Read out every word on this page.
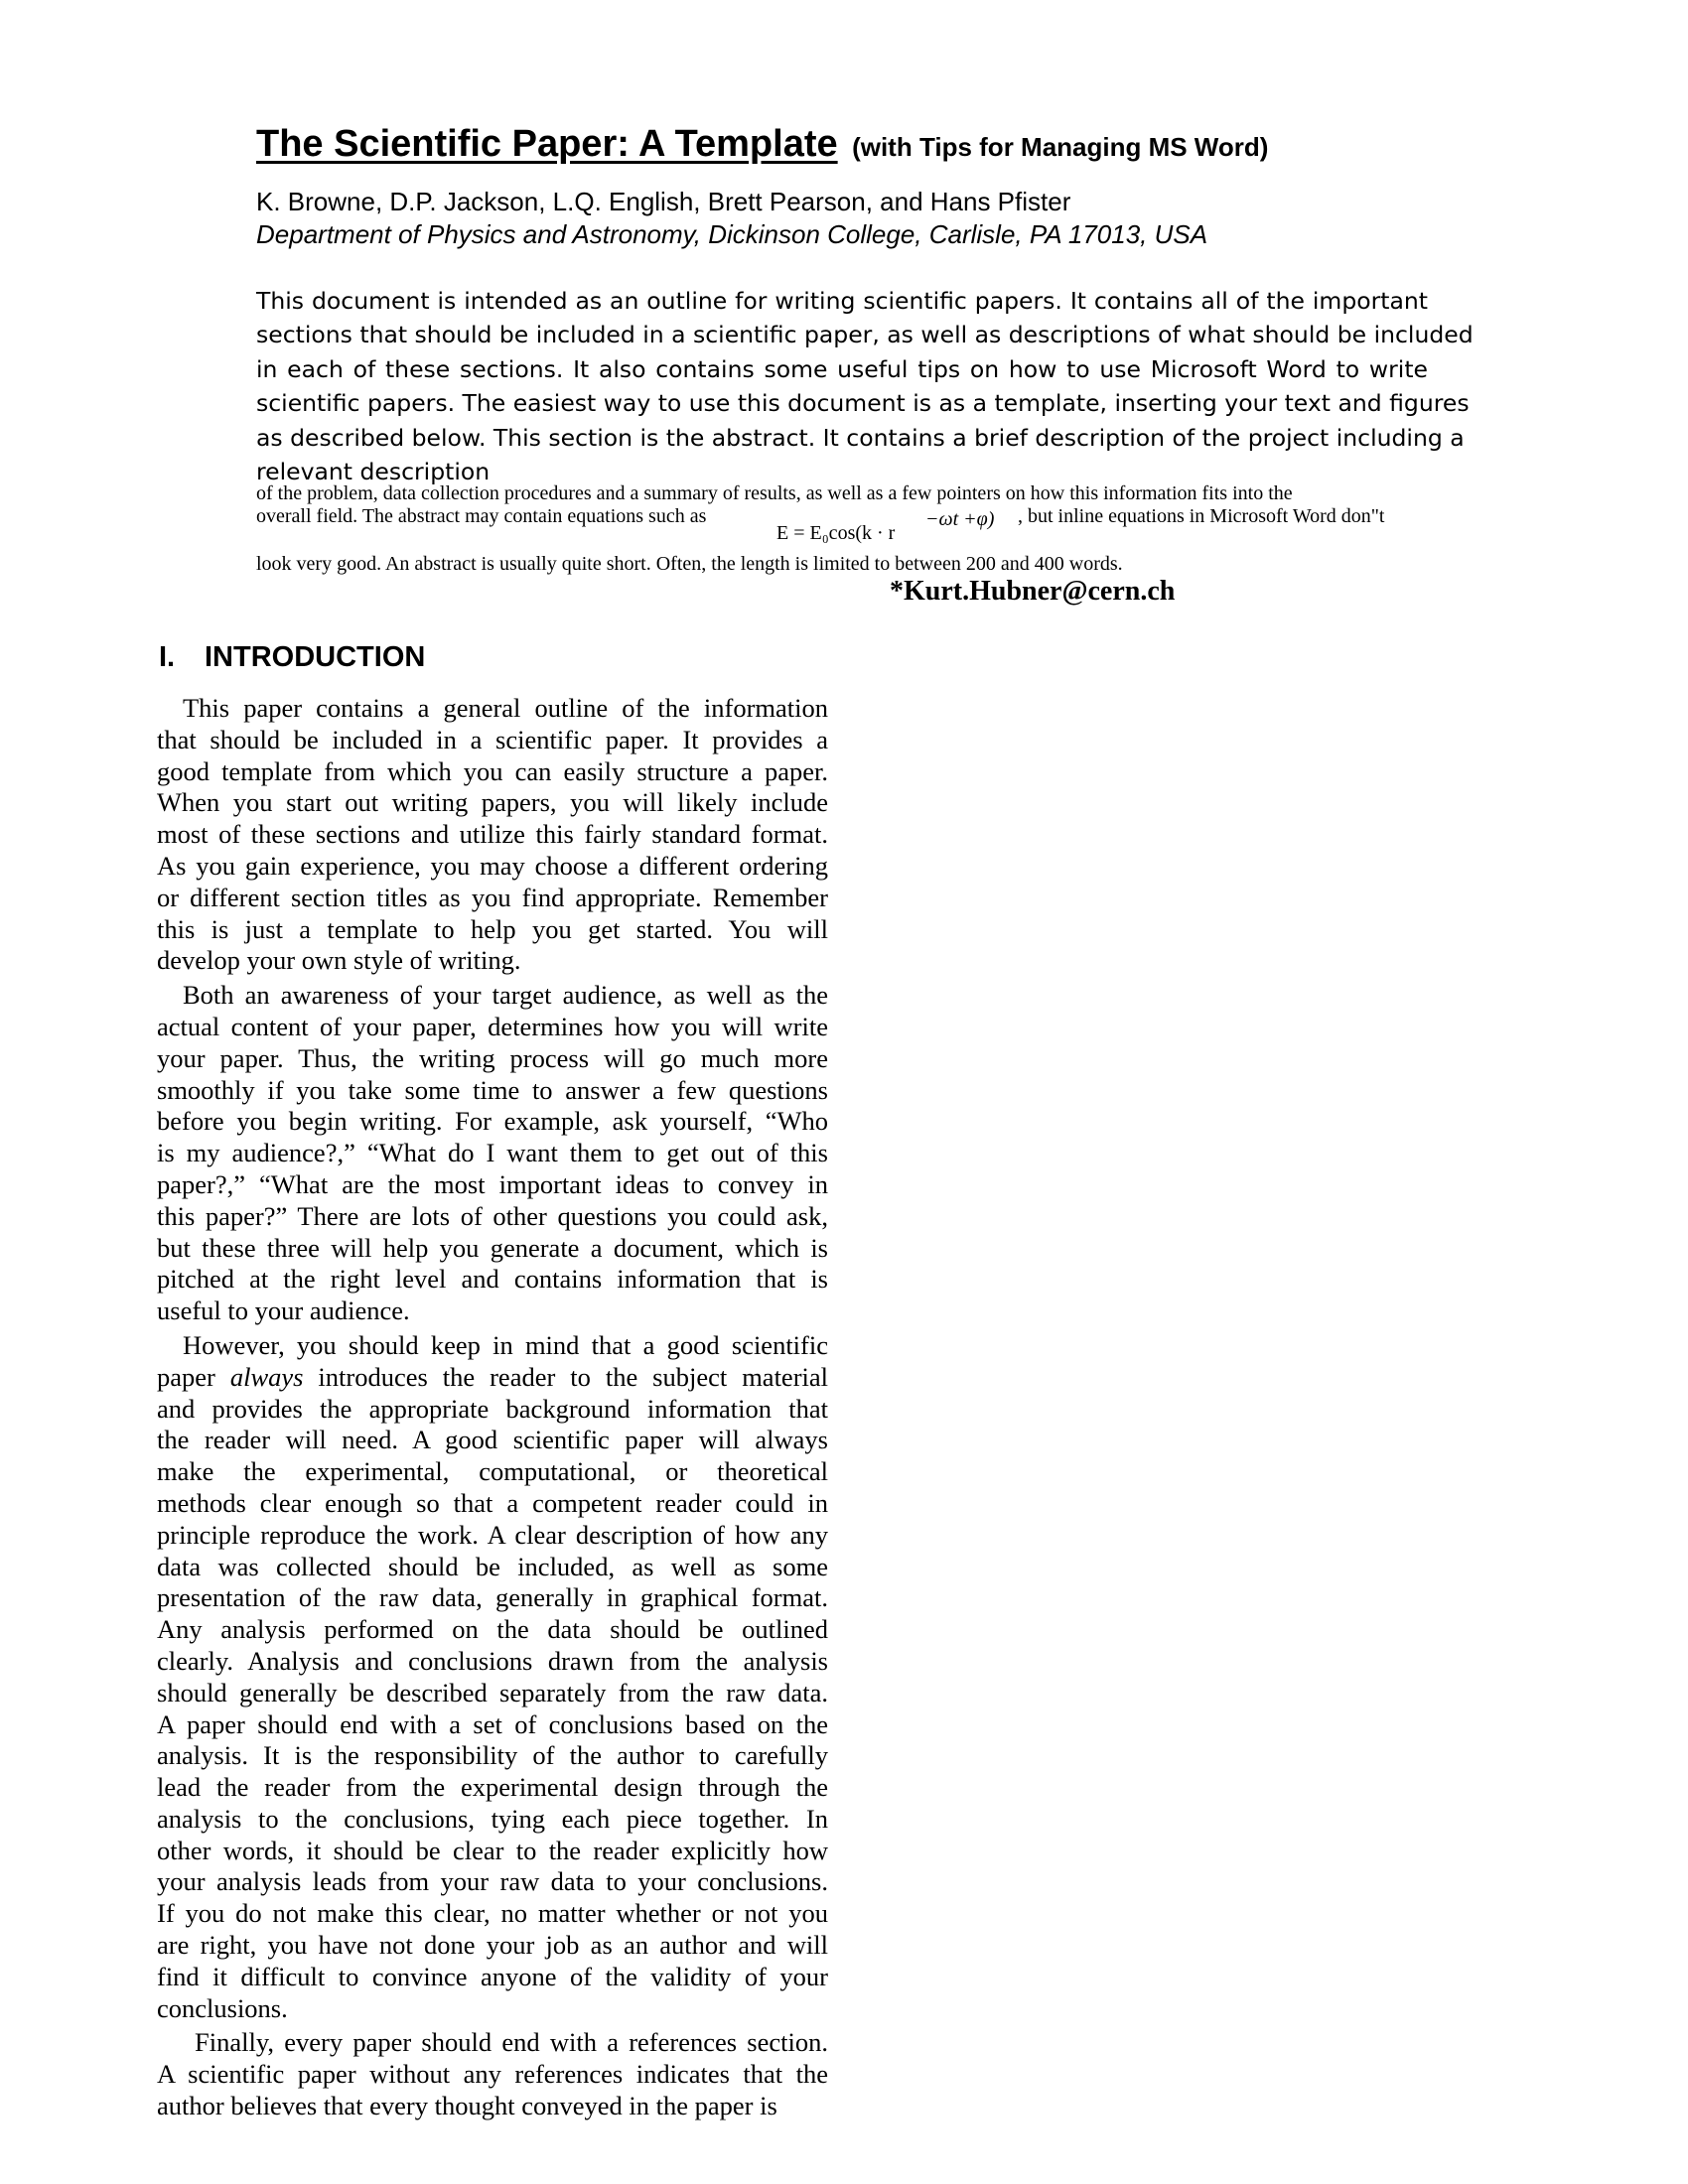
The Scientific Paper: A Template (with Tips for Managing MS Word)
K. Browne, D.P. Jackson, L.Q. English, Brett Pearson, and Hans Pfister
Department of Physics and Astronomy, Dickinson College, Carlisle, PA 17013, USA
This document is intended as an outline for writing scientific papers. It contains all of the important
sections that should be included in a scientific paper, as well as descriptions of what should be included
in each of these sections. It also contains some useful tips on how to use Microsoft Word to write
scientific papers. The easiest way to use this document is as a template, inserting your text and figures
as described below. This section is the abstract. It contains a brief description of the project including a
relevant description
of the problem, data collection procedures and a summary of results, as well as a few pointers on how this information fits into the
overall field. The abstract may contain equations such as
E = E₀cos(k · r
−ωt +φ) , but inline equations in Microsoft Word don"t
look very good. An abstract is usually quite short. Often, the length is limited to between 200 and 400 words.
*Kurt.Hubner@cern.ch
I. INTRODUCTION
This paper contains a general outline of the information
that should be included in a scientific paper. It provides a
good template from which you can easily structure a paper.
When you start out writing papers, you will likely include
most of these sections and utilize this fairly standard format.
As you gain experience, you may choose a different ordering
or different section titles as you find appropriate. Remember
this is just a template to help you get started. You will
develop your own style of writing.
Both an awareness of your target audience, as well as the
actual content of your paper, determines how you will write
your paper. Thus, the writing process will go much more
smoothly if you take some time to answer a few questions
before you begin writing. For example, ask yourself, “Who
is my audience?,” “What do I want them to get out of this
paper?,” “What are the most important ideas to convey in
this paper?” There are lots of other questions you could ask,
but these three will help you generate a document, which is
pitched at the right level and contains information that is
useful to your audience.
However, you should keep in mind that a good scientific
paper always introduces the reader to the subject material
and provides the appropriate background information that
the reader will need. A good scientific paper will always
make the experimental, computational, or theoretical
methods clear enough so that a competent reader could in
principle reproduce the work. A clear description of how any
data was collected should be included, as well as some
presentation of the raw data, generally in graphical format.
Any analysis performed on the data should be outlined
clearly. Analysis and conclusions drawn from the analysis
should generally be described separately from the raw data.
A paper should end with a set of conclusions based on the
analysis. It is the responsibility of the author to carefully
lead the reader from the experimental design through the
analysis to the conclusions, tying each piece together. In
other words, it should be clear to the reader explicitly how
your analysis leads from your raw data to your conclusions.
If you do not make this clear, no matter whether or not you
are right, you have not done your job as an author and will
find it difficult to convince anyone of the validity of your
conclusions.
Finally, every paper should end with a references section.
A scientific paper without any references indicates that the
author believes that every thought conveyed in the paper is
